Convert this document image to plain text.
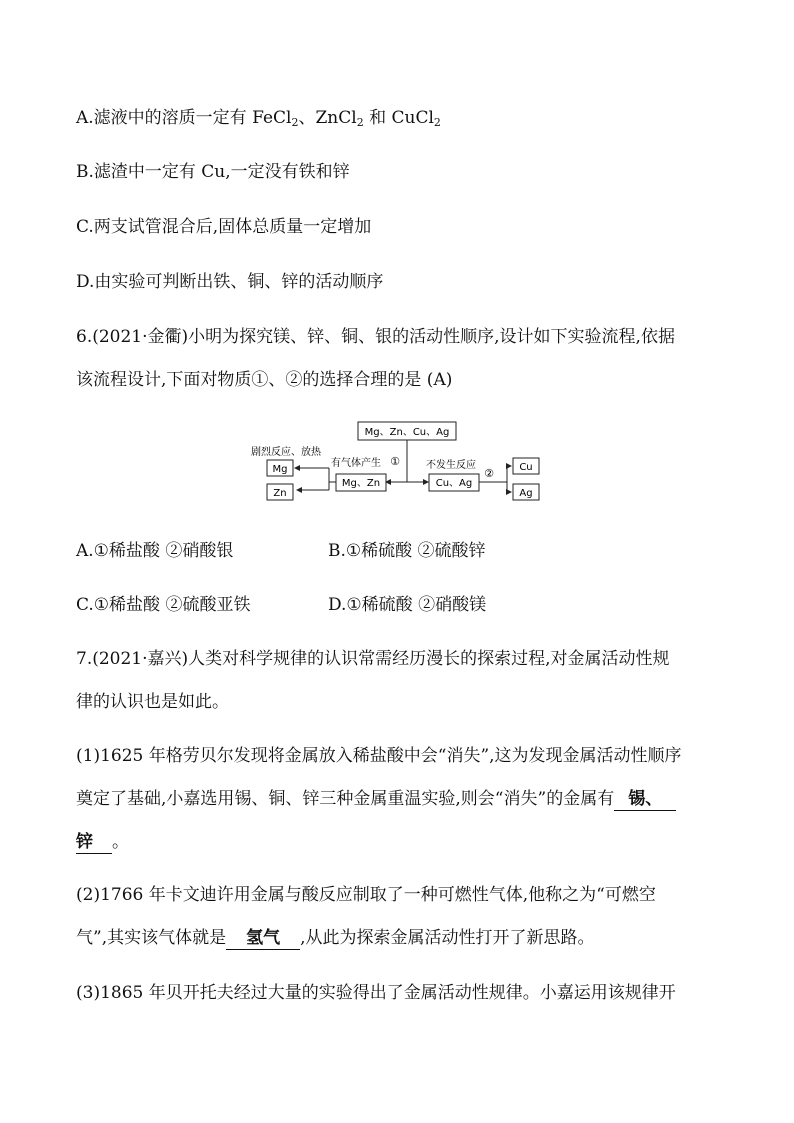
A.滤液中的溶质一定有 FeCl$_2$、ZnCl$_2$ 和 CuCl$_2$
B.滤渣中一定有 Cu,一定没有铁和锌
C.两支试管混合后,固体总质量一定增加
D.由实验可判断出铁、铜、锌的活动顺序
6.(2021·金衢)小明为探究镁、锌、铜、银的活动性顺序,设计如下实验流程,依据
该流程设计,下面对物质①、②的选择合理的是 (A)
Mg、Zn、Cu、Ag
①
Mg、Zn
有气体产生
Cu、Ag
不发生反应
Mg
Zn
剧烈反应、放热
②	Cu
Ag
A.①稀盐酸 ②硝酸银	B.①稀硫酸 ②硫酸锌
C.①稀盐酸 ②硫酸亚铁	D.①稀硫酸 ②硝酸镁
7.(2021·嘉兴)人类对科学规律的认识常需经历漫长的探索过程,对金属活动性规
律的认识也是如此。
(1)1625 年格劳贝尔发现将金属放入稀盐酸中会“消失”,这为发现金属活动性顺序
奠定了基础,小嘉选用锡、铜、锌三种金属重温实验,则会“消失”的金属有 锡、
锌 。
(2)1766 年卡文迪许用金属与酸反应制取了一种可燃性气体,他称之为“可燃空
气”,其实该气体就是 氢气 ,从此为探索金属活动性打开了新思路。
(3)1865 年贝开托夫经过大量的实验得出了金属活动性规律。小嘉运用该规律开
